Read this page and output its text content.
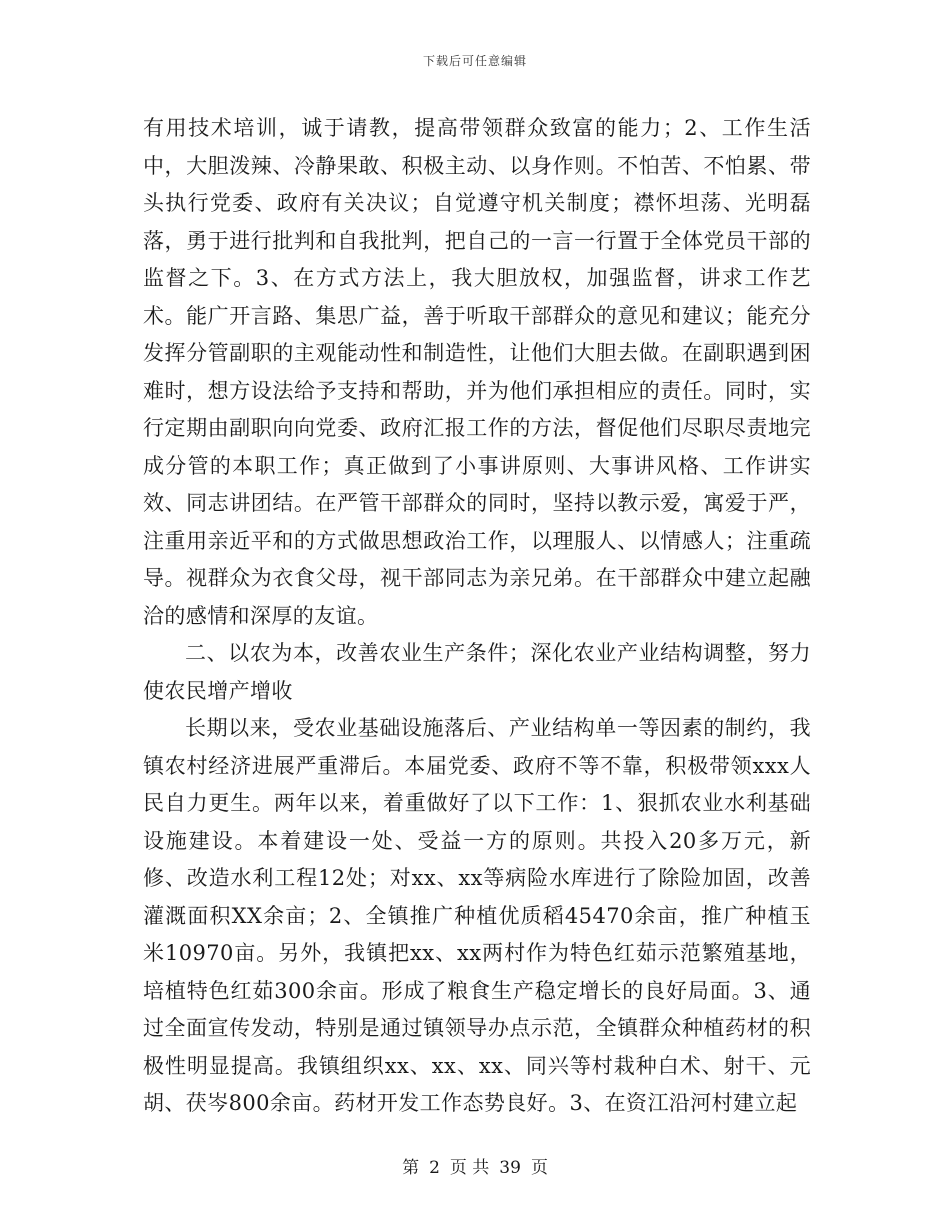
下载后可任意编辑

有用技术培训，诚于请教，提高带领群众致富的能力；2、工作生活中，大胆泼辣、冷静果敢、积极主动、以身作则。不怕苦、不怕累、带头执行党委、政府有关决议；自觉遵守机关制度；襟怀坦荡、光明磊落，勇于进行批判和自我批判，把自己的一言一行置于全体党员干部的监督之下。3、在方式方法上，我大胆放权，加强监督，讲求工作艺术。能广开言路、集思广益，善于听取干部群众的意见和建议；能充分发挥分管副职的主观能动性和制造性，让他们大胆去做。在副职遇到困难时，想方设法给予支持和帮助，并为他们承担相应的责任。同时，实行定期由副职向向党委、政府汇报工作的方法，督促他们尽职尽责地完成分管的本职工作；真正做到了小事讲原则、大事讲风格、工作讲实效、同志讲团结。在严管干部群众的同时，坚持以教示爱，寓爱于严，注重用亲近平和的方式做思想政治工作，以理服人、以情感人；注重疏导。视群众为衣食父母，视干部同志为亲兄弟。在干部群众中建立起融洽的感情和深厚的友谊。

二、以农为本，改善农业生产条件；深化农业产业结构调整，努力使农民增产增收

长期以来，受农业基础设施落后、产业结构单一等因素的制约，我镇农村经济进展严重滞后。本届党委、政府不等不靠，积极带领xxx人民自力更生。两年以来，着重做好了以下工作：1、狠抓农业水利基础设施建设。本着建设一处、受益一方的原则。共投入20多万元，新修、改造水利工程12处；对xx、xx等病险水库进行了除险加固，改善灌溉面积XX余亩；2、全镇推广种植优质稻45470余亩，推广种植玉米10970亩。另外，我镇把xx、xx两村作为特色红茹示范繁殖基地，培植特色红茹300余亩。形成了粮食生产稳定增长的良好局面。3、通过全面宣传发动，特别是通过镇领导办点示范，全镇群众种植药材的积极性明显提高。我镇组织xx、xx、xx、同兴等村栽种白术、射干、元胡、茯岑800余亩。药材开发工作态势良好。3、在资江沿河村建立起

第 2 页 共 39 页
